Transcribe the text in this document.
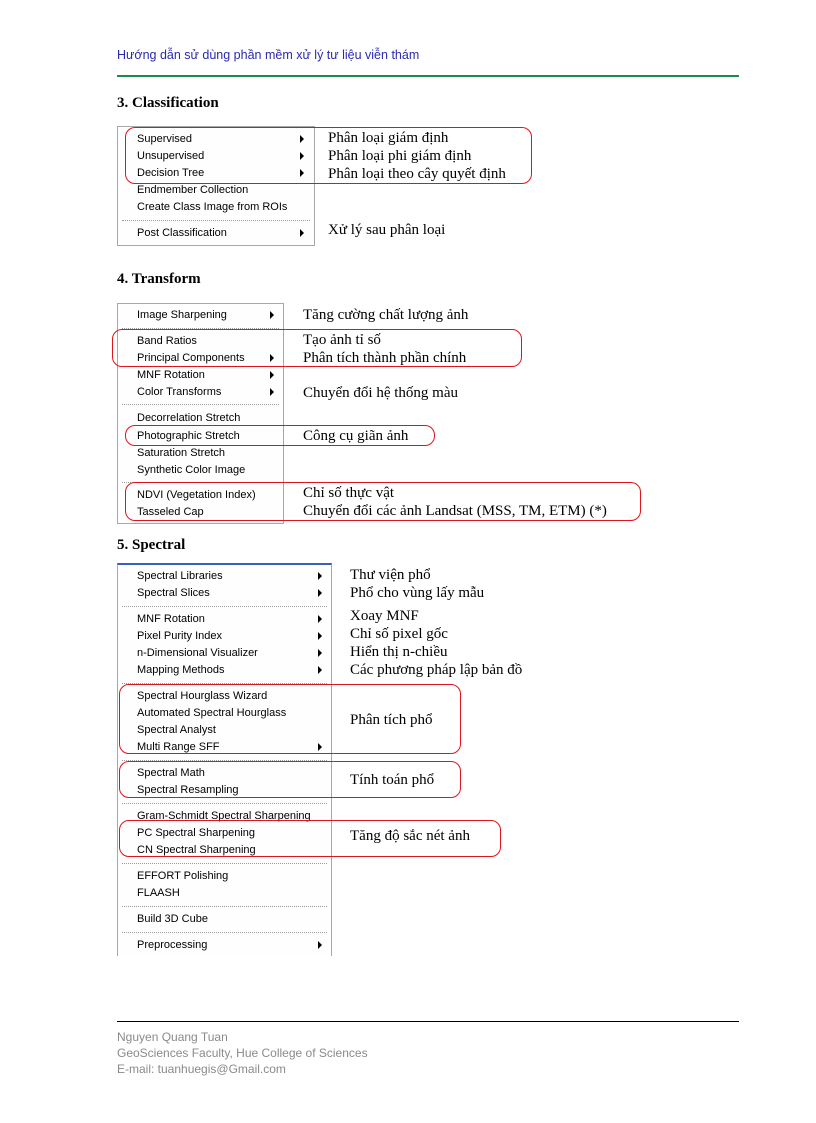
Hướng dẫn sử dùng phần mềm xử lý tư liệu viễn thám
3. Classification
Supervised
Unsupervised
Decision Tree
Endmember Collection
Create Class Image from ROIs
Post Classification
Phân loại giám định
Phân loại phi giám định
Phân loại theo cây quyết định
Xử lý sau phân loại
4. Transform
Image Sharpening
Band Ratios
Principal Components
MNF Rotation
Color Transforms
Decorrelation Stretch
Photographic Stretch
Saturation Stretch
Synthetic Color Image
NDVI (Vegetation Index)
Tasseled Cap
Tăng cường chất lượng ảnh
Tạo ảnh tỉ số
Phân tích thành phần chính
Chuyển đổi hệ thống màu
Công cụ giãn ảnh
Chỉ số thực vật
Chuyển đổi các ảnh Landsat (MSS, TM, ETM) (*)
5. Spectral
Spectral Libraries
Spectral Slices
MNF Rotation
Pixel Purity Index
n-Dimensional Visualizer
Mapping Methods
Spectral Hourglass Wizard
Automated Spectral Hourglass
Spectral Analyst
Multi Range SFF
Spectral Math
Spectral Resampling
Gram-Schmidt Spectral Sharpening
PC Spectral Sharpening
CN Spectral Sharpening
EFFORT Polishing
FLAASH
Build 3D Cube
Preprocessing
Thư viện phổ
Phổ cho vùng lấy mẫu
Xoay MNF
Chỉ số pixel gốc
Hiển thị n-chiều
Các phương pháp lập bản đồ
Phân tích phổ
Tính toán phổ
Tăng độ sắc nét ảnh
Nguyen Quang Tuan
GeoSciences Faculty, Hue College of Sciences
E-mail: tuanhuegis@Gmail.com
